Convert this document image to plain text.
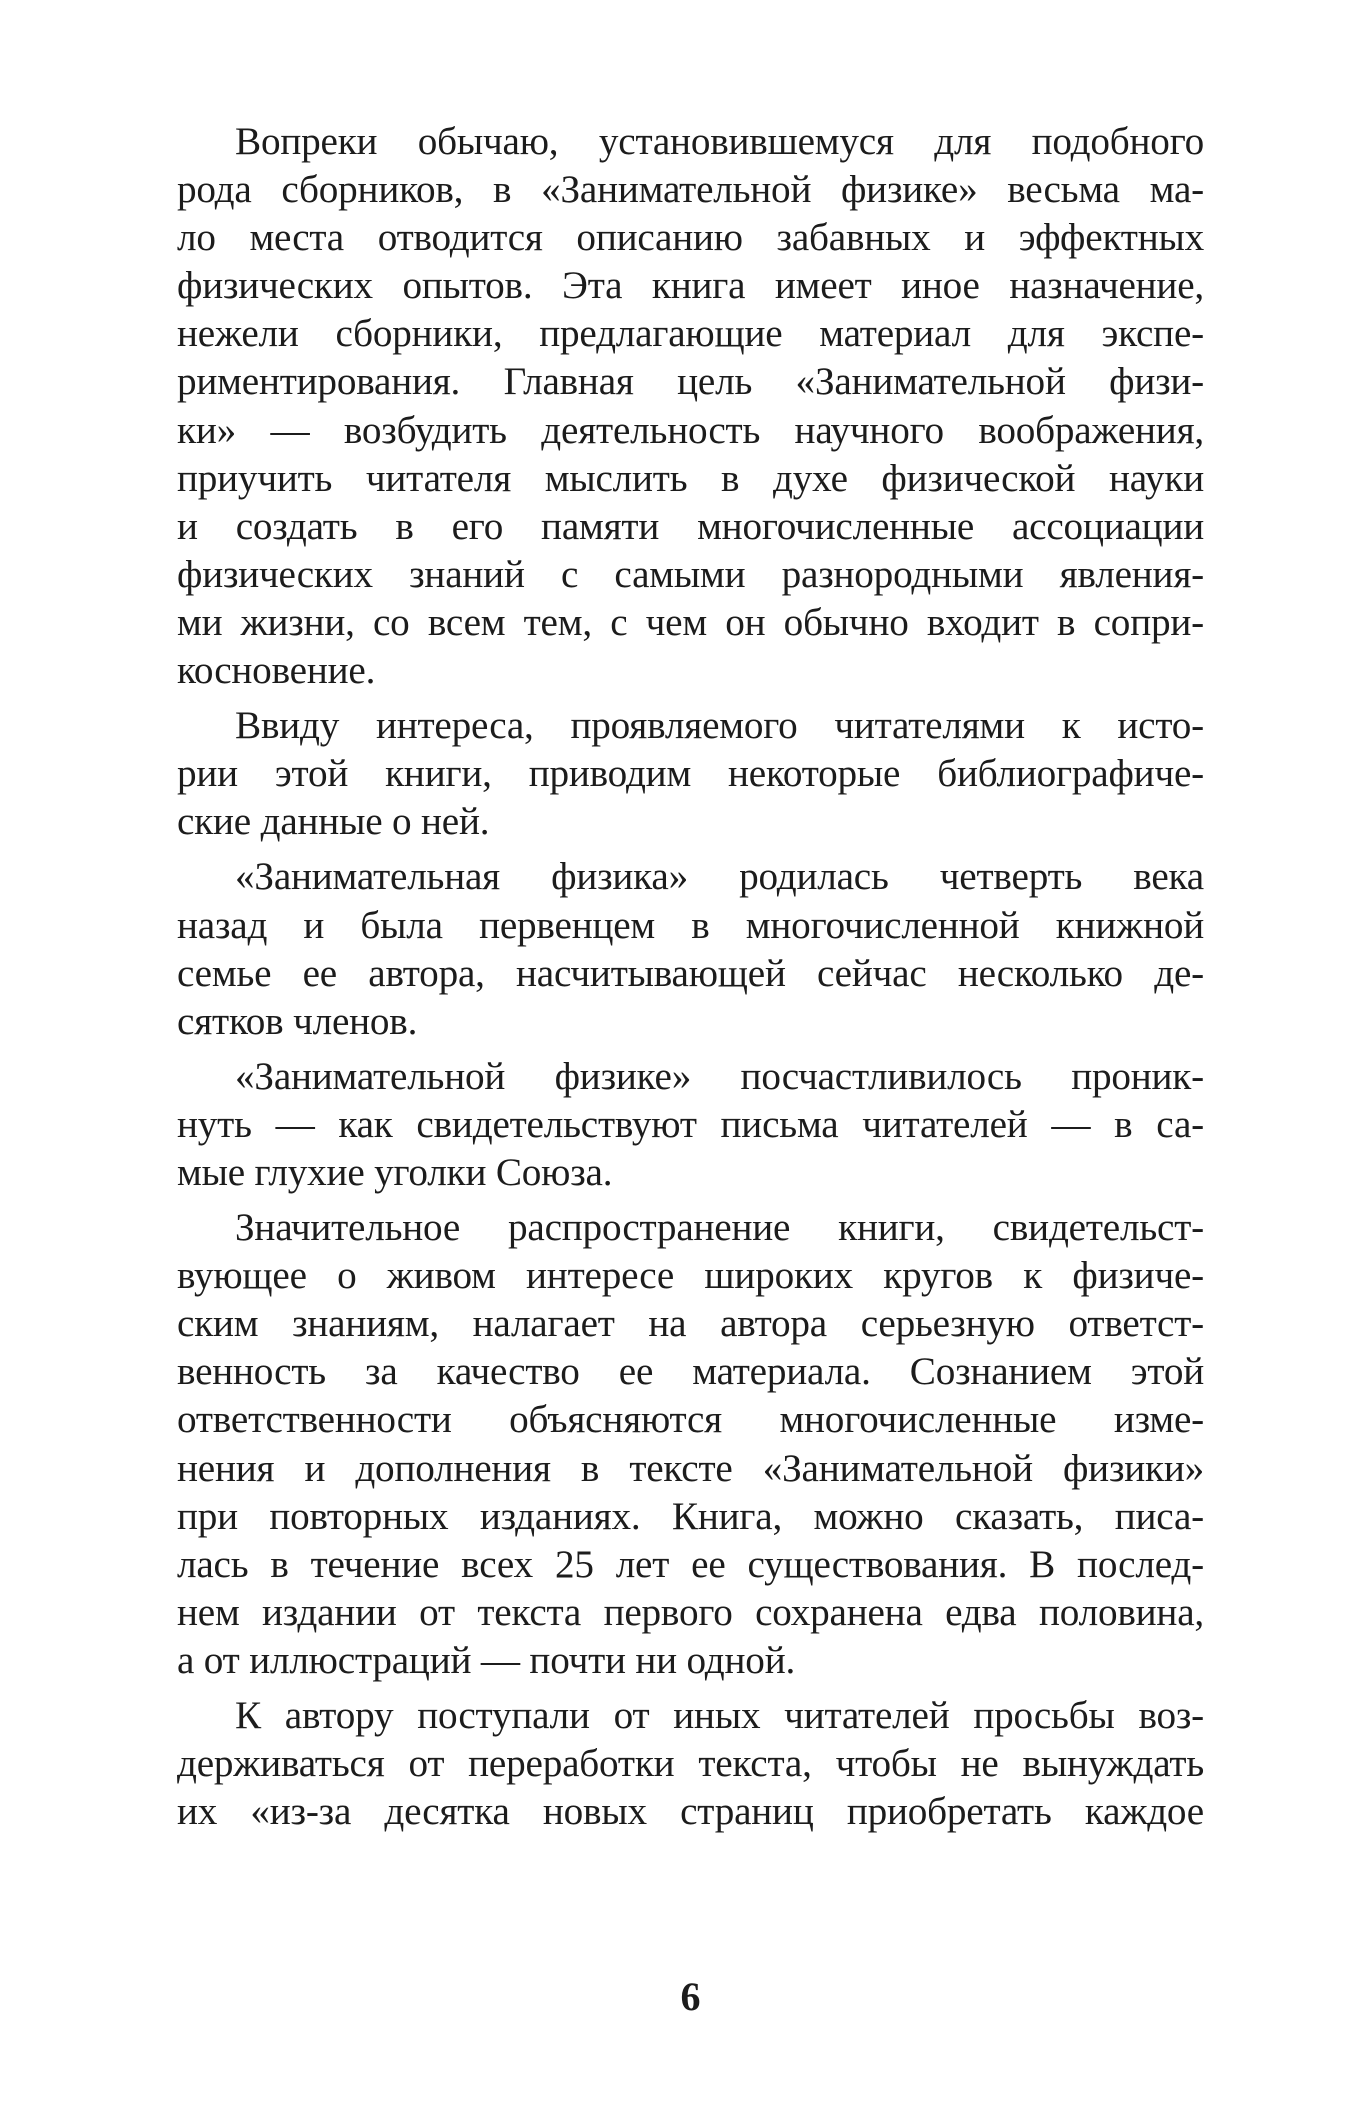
Вопреки обычаю, установившемуся для подобного
рода сборников, в «Занимательной физике» весьма ма-
ло места отводится описанию забавных и эффектных
физических опытов. Эта книга имеет иное назначение,
нежели сборники, предлагающие материал для экспе-
риментирования. Главная цель «Занимательной физи-
ки» — возбудить деятельность научного воображения,
приучить читателя мыслить в духе физической науки
и создать в его памяти многочисленные ассоциации
физических знаний с самыми разнородными явления-
ми жизни, со всем тем, с чем он обычно входит в сопри-
косновение.
Ввиду интереса, проявляемого читателями к исто-
рии этой книги, приводим некоторые библиографиче-
ские данные о ней.
«Занимательная физика» родилась четверть века
назад и была первенцем в многочисленной книжной
семье ее автора, насчитывающей сейчас несколько де-
сятков членов.
«Занимательной физике» посчастливилось проник-
нуть — как свидетельствуют письма читателей — в са-
мые глухие уголки Союза.
Значительное распространение книги, свидетельст-
вующее о живом интересе широких кругов к физиче-
ским знаниям, налагает на автора серьезную ответст-
венность за качество ее материала. Сознанием этой
ответственности объясняются многочисленные изме-
нения и дополнения в тексте «Занимательной физики»
при повторных изданиях. Книга, можно сказать, писа-
лась в течение всех 25 лет ее существования. В послед-
нем издании от текста первого сохранена едва половина,
а от иллюстраций — почти ни одной.
К автору поступали от иных читателей просьбы воз-
держиваться от переработки текста, чтобы не вынуждать
их «из-за десятка новых страниц приобретать каждое
6
